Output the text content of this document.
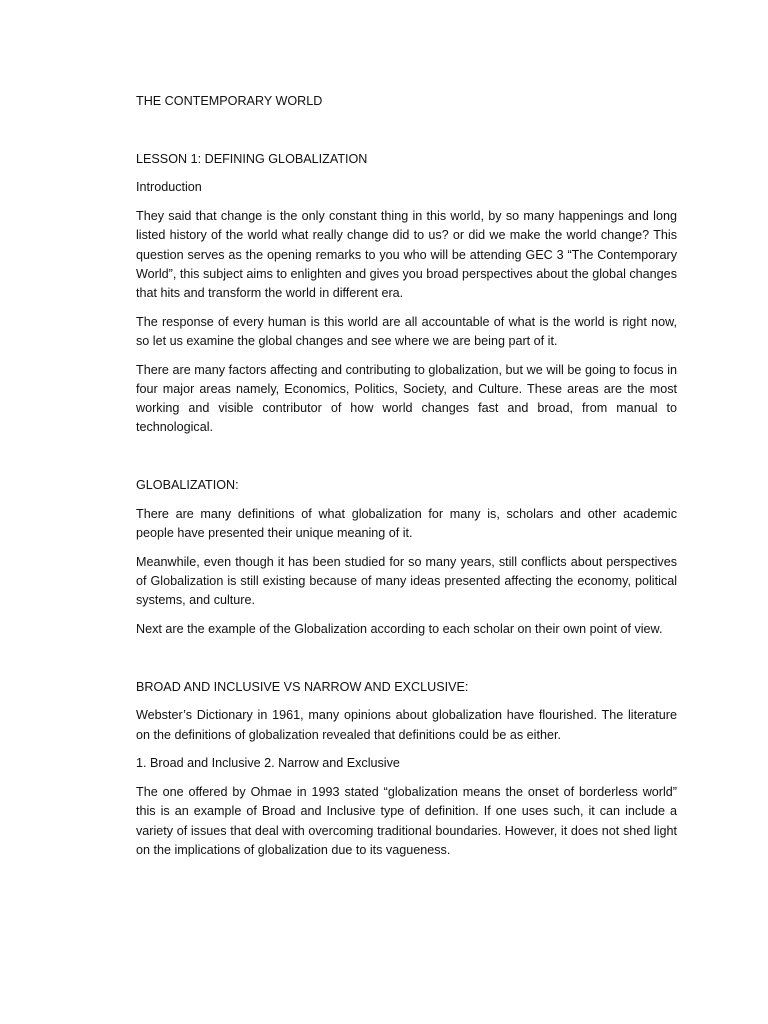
THE CONTEMPORARY WORLD

LESSON 1: DEFINING GLOBALIZATION

Introduction

They said that change is the only constant thing in this world, by so many happenings and long listed history of the world what really change did to us? or did we make the world change? This question serves as the opening remarks to you who will be attending GEC 3 “The Contemporary World”, this subject aims to enlighten and gives you broad perspectives about the global changes that hits and transform the world in different era.

The response of every human is this world are all accountable of what is the world is right now, so let us examine the global changes and see where we are being part of it.

There are many factors affecting and contributing to globalization, but we will be going to focus in four major areas namely, Economics, Politics, Society, and Culture. These areas are the most working and visible contributor of how world changes fast and broad, from manual to technological.

GLOBALIZATION:

There are many definitions of what globalization for many is, scholars and other academic people have presented their unique meaning of it.

Meanwhile, even though it has been studied for so many years, still conflicts about perspectives of Globalization is still existing because of many ideas presented affecting the economy, political systems, and culture.

Next are the example of the Globalization according to each scholar on their own point of view.

BROAD AND INCLUSIVE VS NARROW AND EXCLUSIVE:

Webster’s Dictionary in 1961, many opinions about globalization have flourished. The literature on the definitions of globalization revealed that definitions could be as either.

1. Broad and Inclusive 2. Narrow and Exclusive

The one offered by Ohmae in 1993 stated “globalization means the onset of borderless world” this is an example of Broad and Inclusive type of definition. If one uses such, it can include a variety of issues that deal with overcoming traditional boundaries. However, it does not shed light on the implications of globalization due to its vagueness.
